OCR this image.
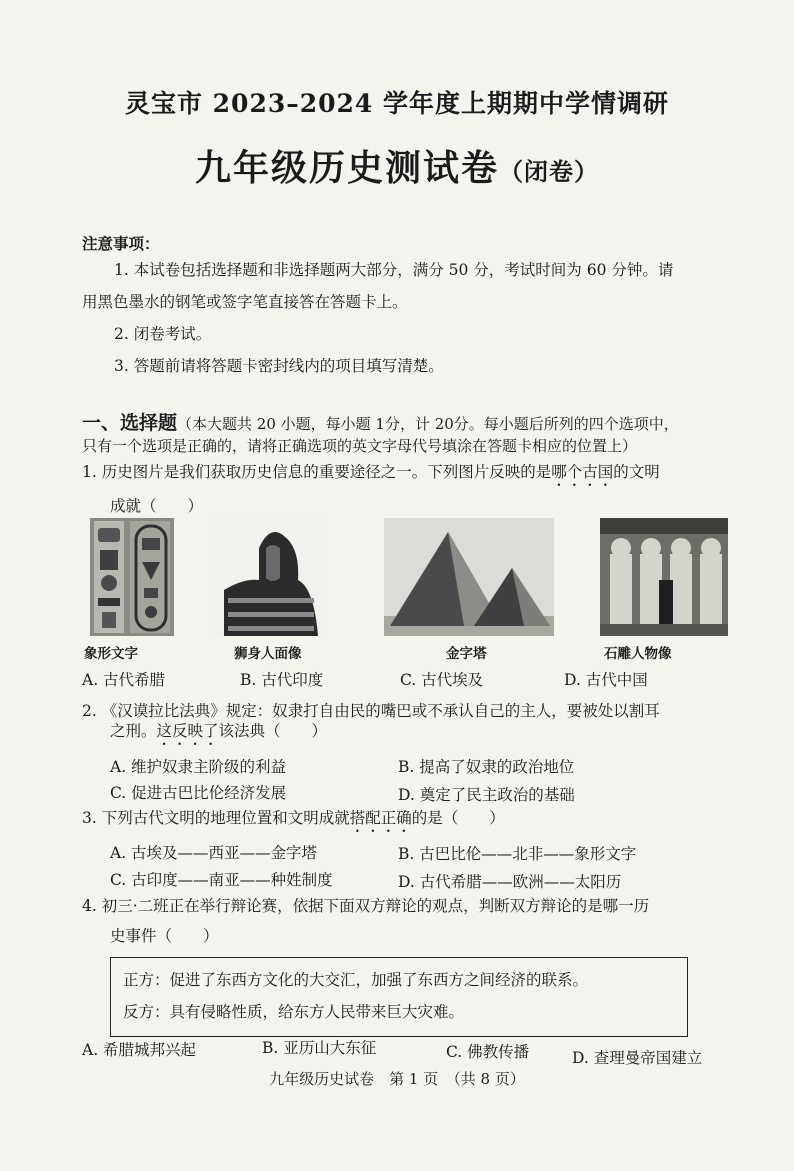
灵宝市 2023–2024 学年度上期期中学情调研
九年级历史测试卷（闭卷）
注意事项：
1. 本试卷包括选择题和非选择题两大部分，满分 50 分，考试时间为 60 分钟。请
用黑色墨水的钢笔或签字笔直接答在答题卡上。
2. 闭卷考试。
3. 答题前请将答题卡密封线内的项目填写清楚。
一、选择题（本大题共 20 小题，每小题 1分，计 20分。每小题后所列的四个选项中，
只有一个选项是正确的，请将正确选项的英文字母代号填涂在答题卡相应的位置上）
1. 历史图片是我们获取历史信息的重要途径之一。下列图片反映的是哪个古国的文明
成就（　　）
象形文字	狮身人面像	金字塔	石雕人物像
A. 古代希腊	B. 古代印度	C. 古代埃及	D. 古代中国
2. 《汉谟拉比法典》规定：奴隶打自由民的嘴巴或不承认自己的主人，要被处以割耳
之刑。这反映了该法典（　　）
A. 维护奴隶主阶级的利益	B. 提高了奴隶的政治地位
C. 促进古巴比伦经济发展	D. 奠定了民主政治的基础
3. 下列古代文明的地理位置和文明成就搭配正确的是（　　）
A. 古埃及——西亚——金字塔	B. 古巴比伦——北非——象形文字
C. 古印度——南亚——种姓制度	D. 古代希腊——欧洲——太阳历
4. 初三·二班正在举行辩论赛，依据下面双方辩论的观点，判断双方辩论的是哪一历
史事件（　　）
正方：促进了东西方文化的大交汇，加强了东西方之间经济的联系。
反方：具有侵略性质，给东方人民带来巨大灾难。
A. 希腊城邦兴起	B. 亚历山大东征	C. 佛教传播	D. 查理曼帝国建立
九年级历史试卷　第 1 页　（共 8 页）
